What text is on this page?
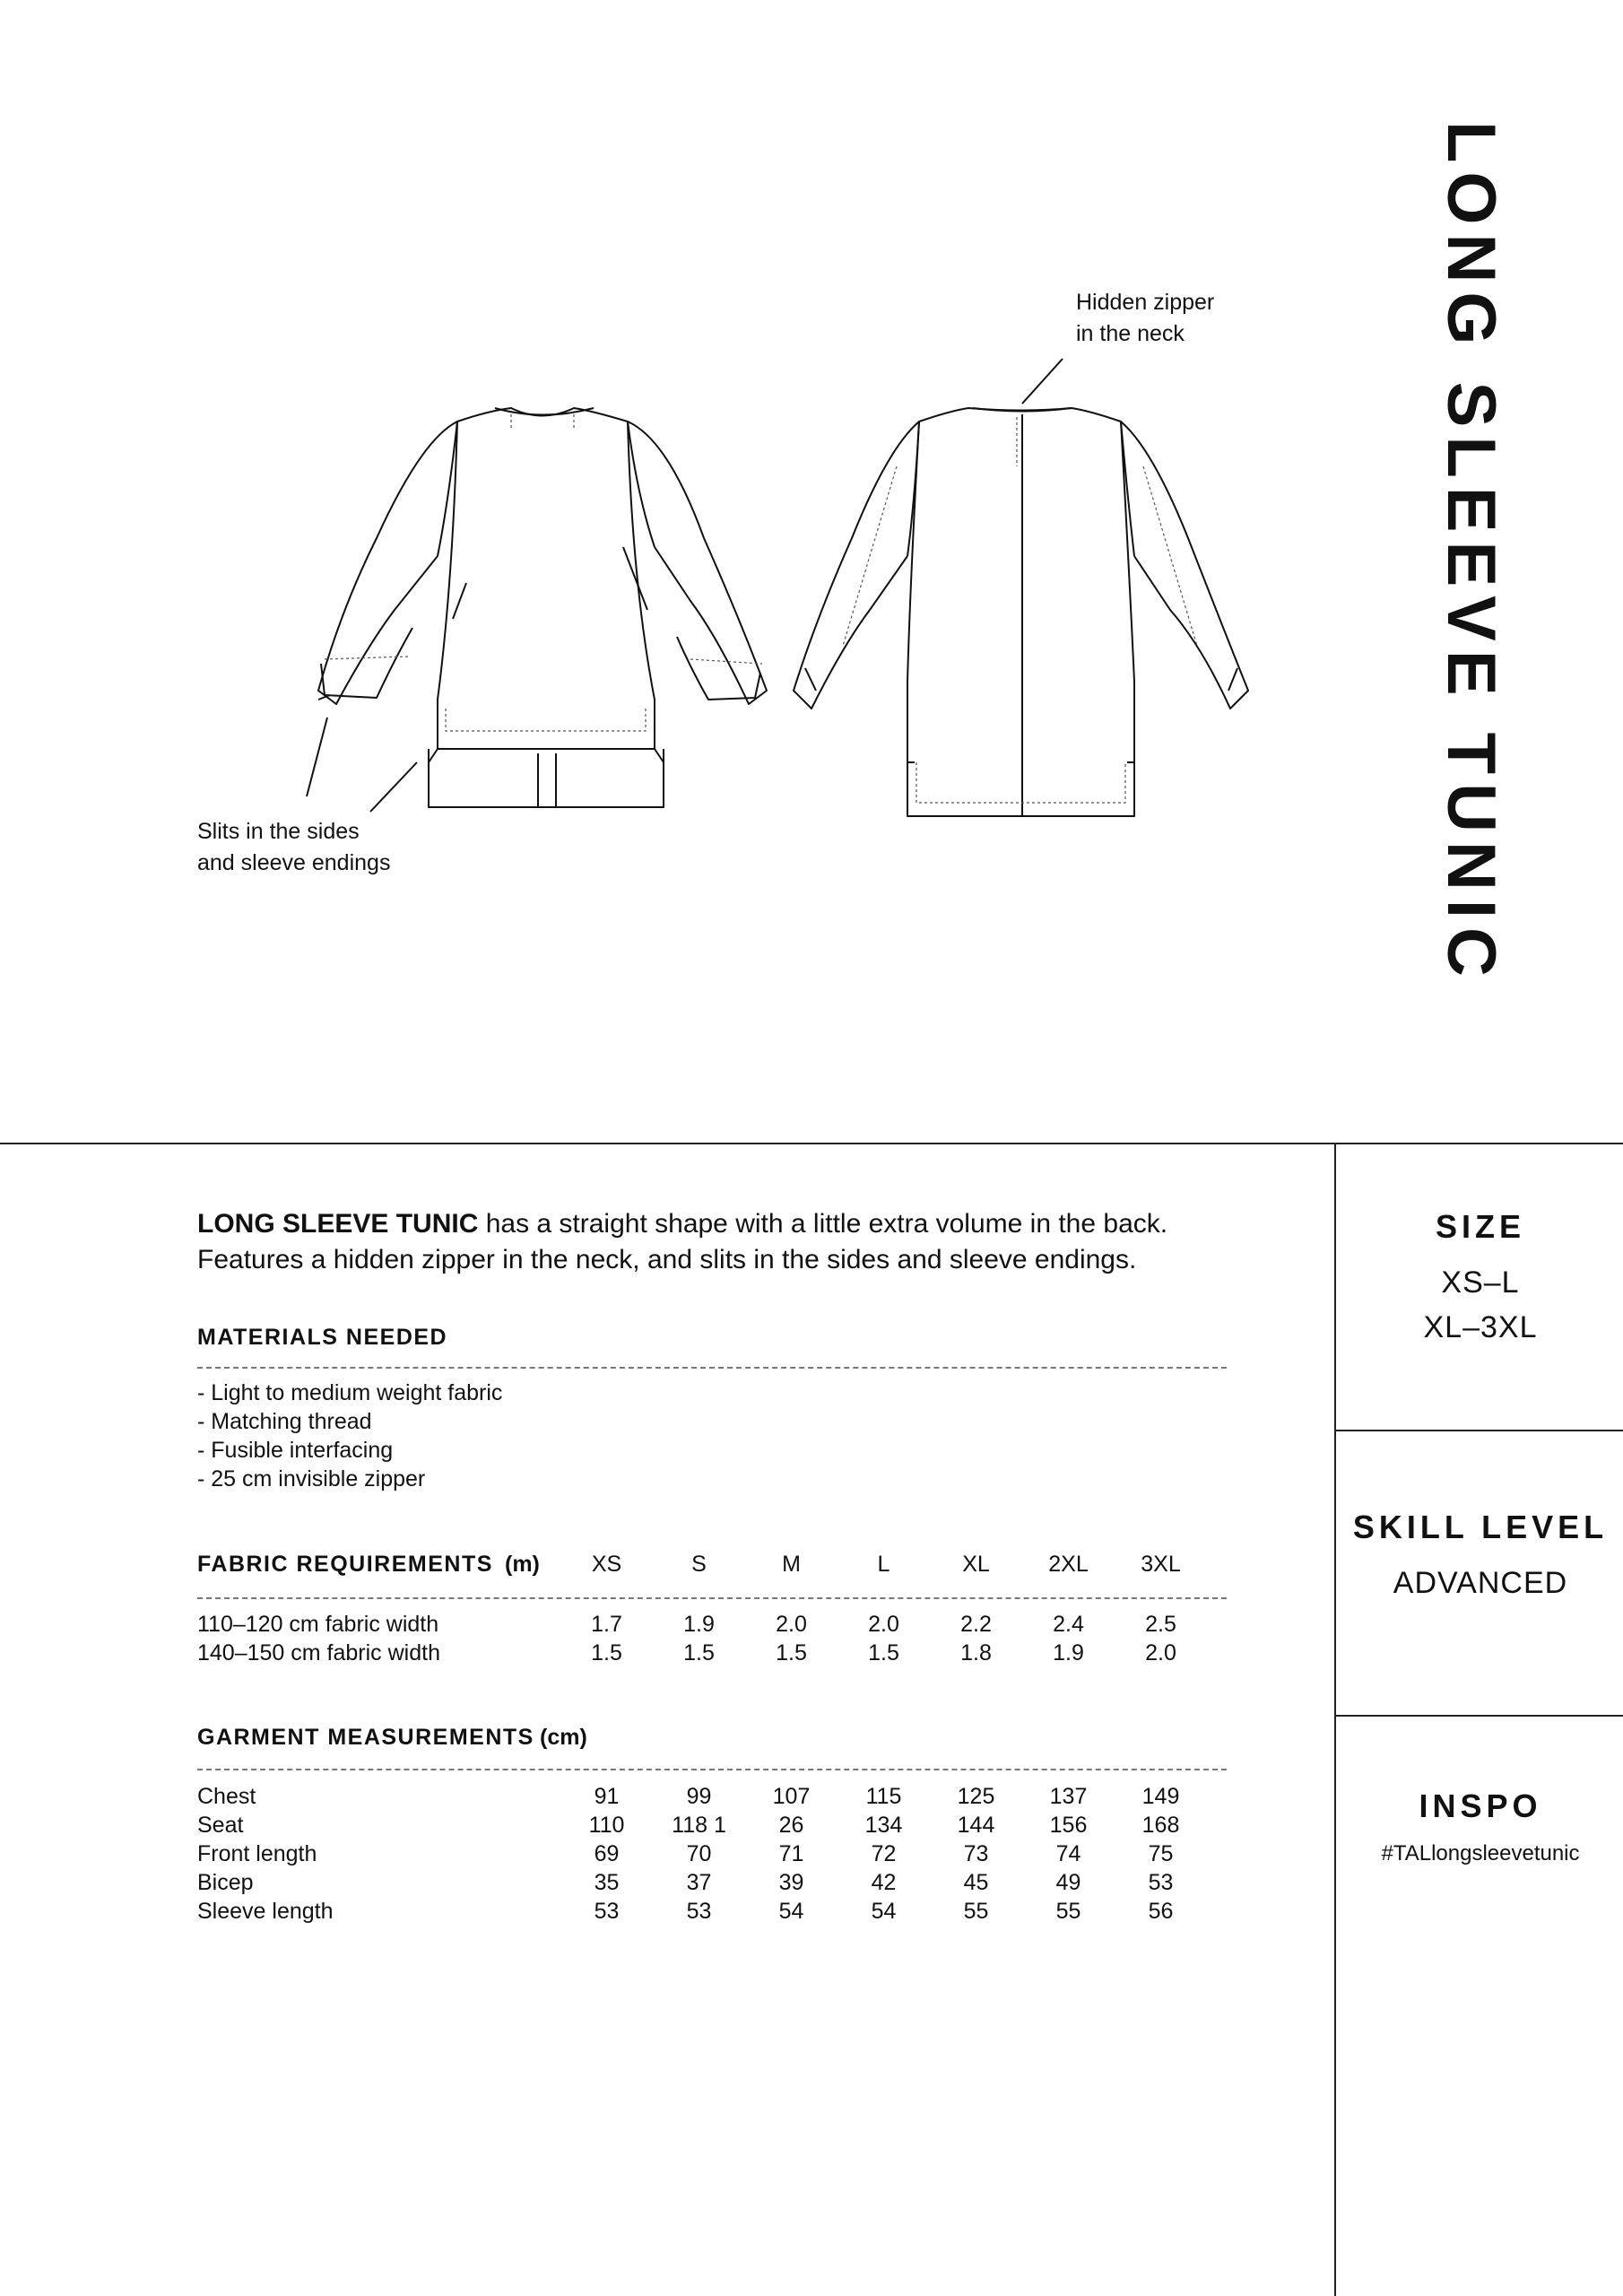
LONG SLEEVE TUNIC
Hidden zipper
in the neck
Slits in the sides
and sleeve endings
LONG SLEEVE TUNIC has a straight shape with a little extra volume in the back.
Features a hidden zipper in the neck, and slits in the sides and sleeve endings.
MATERIALS NEEDED
- Light to medium weight fabric
- Matching thread
- Fusible interfacing
- 25 cm invisible zipper
FABRIC REQUIREMENTS (m)	XS	S	M	L	XL	2XL	3XL
110–120 cm fabric width	1.7	1.9	2.0	2.0	2.2	2.4	2.5
140–150 cm fabric width	1.5	1.5	1.5	1.5	1.8	1.9	2.0
GARMENT MEASUREMENTS (cm)
Chest	91	99	107	115	125	137	149
Seat	110	118 1	26	134	144	156	168
Front length	69	70	71	72	73	74	75
Bicep	35	37	39	42	45	49	53
Sleeve length	53	53	54	54	55	55	56
SIZE
XS–L
XL–3XL
SKILL LEVEL
ADVANCED
INSPO
#TALlongsleevetunic
